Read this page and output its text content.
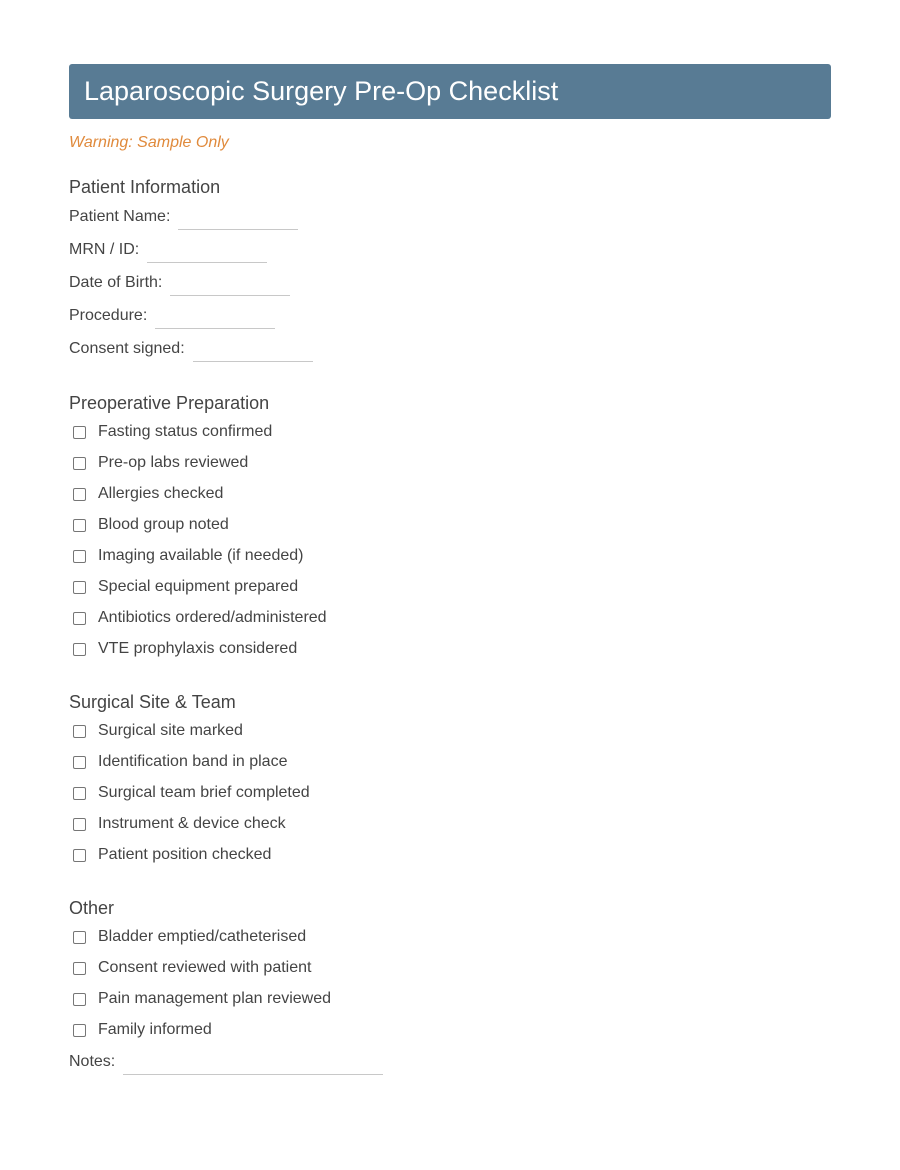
Laparoscopic Surgery Pre-Op Checklist
Warning: Sample Only
Patient Information
Patient Name:
MRN / ID:
Date of Birth:
Procedure:
Consent signed:
Preoperative Preparation
Fasting status confirmed
Pre-op labs reviewed
Allergies checked
Blood group noted
Imaging available (if needed)
Special equipment prepared
Antibiotics ordered/administered
VTE prophylaxis considered
Surgical Site & Team
Surgical site marked
Identification band in place
Surgical team brief completed
Instrument & device check
Patient position checked
Other
Bladder emptied/catheterised
Consent reviewed with patient
Pain management plan reviewed
Family informed
Notes:
